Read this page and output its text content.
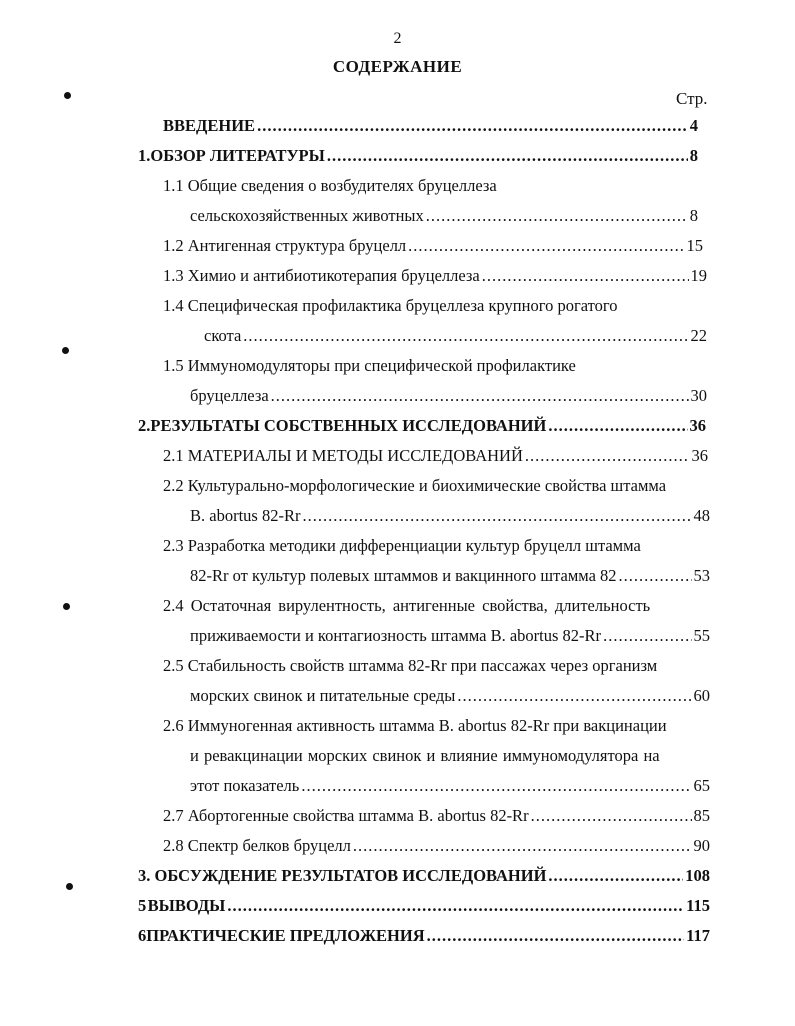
2
СОДЕРЖАНИЕ
Стр.
ВВЕДЕНИЕ .....	4
1. ОБЗОР ЛИТЕРАТУРЫ .....	8
1.1 Общие сведения о возбудителях бруцеллеза
сельскохозяйственных животных .....	8
1.2 Антигенная структура бруцелл .....	15
1.3 Химио и антибиотикотерапия бруцеллеза .....	19
1.4 Специфическая профилактика бруцеллеза крупного рогатого
скота .....	22
1.5 Иммуномодуляторы при специфической профилактике
бруцеллеза .....	30
2. РЕЗУЛЬТАТЫ СОБСТВЕННЫХ ИССЛЕДОВАНИЙ .....	36
2.1 МАТЕРИАЛЫ И МЕТОДЫ ИССЛЕДОВАНИЙ .....	36
2.2 Культурально-морфологические и биохимические свойства штамма
B. abortus 82-Rr .....	48
2.3 Разработка методики дифференциации культур бруцелл штамма
82-Rr от культур полевых штаммов и вакцинного штамма 82 .....	53
2.4 Остаточная вирулентность, антигенные свойства, длительность
приживаемости и контагиозность штамма B. abortus 82-Rr .....	55
2.5 Стабильность свойств штамма 82-Rr при пассажах через организм
морских свинок и питательные среды .....	60
2.6 Иммуногенная активность штамма B. abortus 82-Rr при вакцинации
и ревакцинации морских свинок и влияние иммуномодулятора на
этот показатель .....	65
2.7 Абортогенные свойства штамма B. abortus 82-Rr .....	85
2.8 Спектр белков бруцелл .....	90
3. ОБСУЖДЕНИЕ РЕЗУЛЬТАТОВ ИССЛЕДОВАНИЙ .....	108
5 ВЫВОДЫ .....	115
6 ПРАКТИЧЕСКИЕ ПРЕДЛОЖЕНИЯ .....	117
